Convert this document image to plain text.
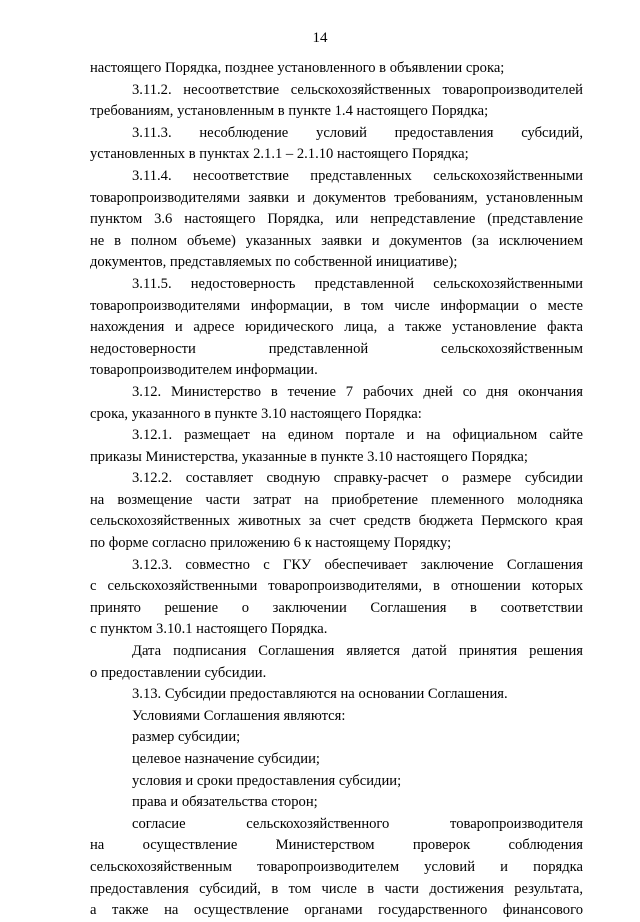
14

настоящего Порядка, позднее установленного в объявлении срока;

3.11.2. несоответствие сельскохозяйственных товаропроизводителей
требованиям, установленным в пункте 1.4 настоящего Порядка;

3.11.3. несоблюдение условий предоставления субсидий,
установленных в пунктах 2.1.1 – 2.1.10 настоящего Порядка;

3.11.4. несоответствие представленных сельскохозяйственными
товаропроизводителями заявки и документов требованиям, установленным
пунктом 3.6 настоящего Порядка, или непредставление (представление
не в полном объеме) указанных заявки и документов (за исключением
документов, представляемых по собственной инициативе);

3.11.5. недостоверность представленной сельскохозяйственными
товаропроизводителями информации, в том числе информации о месте
нахождения и адресе юридического лица, а также установление факта
недостоверности представленной сельскохозяйственным
товаропроизводителем информации.

3.12. Министерство в течение 7 рабочих дней со дня окончания
срока, указанного в пункте 3.10 настоящего Порядка:

3.12.1. размещает на едином портале и на официальном сайте
приказы Министерства, указанные в пункте 3.10 настоящего Порядка;

3.12.2. составляет сводную справку-расчет о размере субсидии
на возмещение части затрат на приобретение племенного молодняка
сельскохозяйственных животных за счет средств бюджета Пермского края
по форме согласно приложению 6 к настоящему Порядку;

3.12.3. совместно с ГКУ обеспечивает заключение Соглашения
с сельскохозяйственными товаропроизводителями, в отношении которых
принято решение о заключении Соглашения в соответствии
с пунктом 3.10.1 настоящего Порядка.

Дата подписания Соглашения является датой принятия решения
о предоставлении субсидии.

3.13. Субсидии предоставляются на основании Соглашения.

Условиями Соглашения являются:

размер субсидии;

целевое назначение субсидии;

условия и сроки предоставления субсидии;

права и обязательства сторон;

согласие сельскохозяйственного товаропроизводителя
на осуществление Министерством проверок соблюдения
сельскохозяйственным товаропроизводителем условий и порядка
предоставления субсидий, в том числе в части достижения результата,
а также на осуществление органами государственного финансового
